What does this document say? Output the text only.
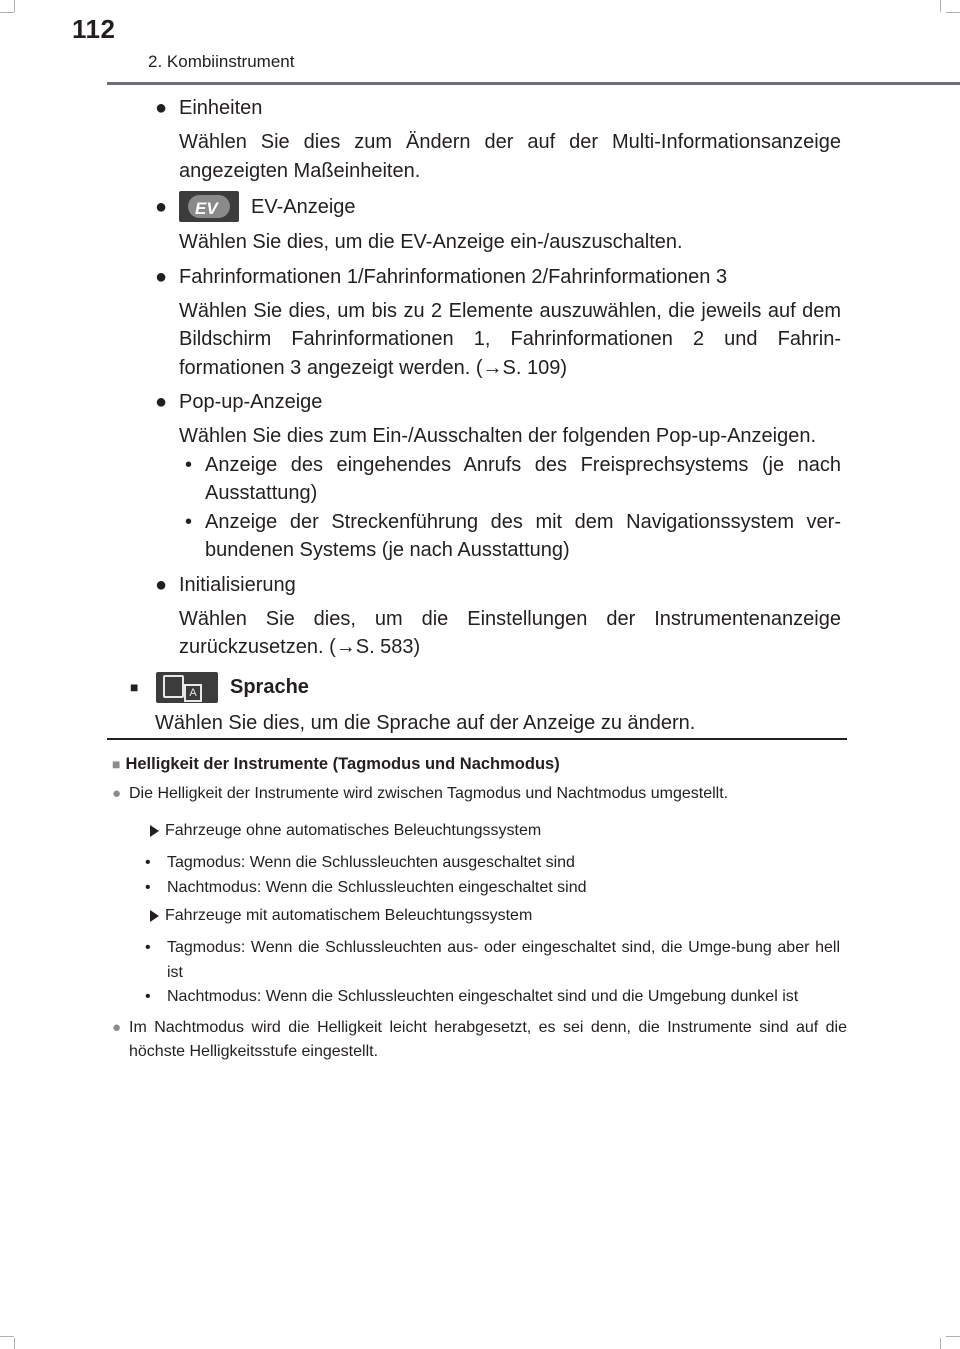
112
2. Kombiinstrument
● Einheiten
Wählen Sie dies zum Ändern der auf der Multi-Informationsanzeige angezeigten Maßeinheiten.
●	EV EV-Anzeige
Wählen Sie dies, um die EV-Anzeige ein-/auszuschalten.
● Fahrinformationen 1/Fahrinformationen 2/Fahrinformationen 3
Wählen Sie dies, um bis zu 2 Elemente auszuwählen, die jeweils auf dem Bildschirm Fahrinformationen 1, Fahrinformationen 2 und Fahrin-formationen 3 angezeigt werden. (→S. 109)
● Pop-up-Anzeige
Wählen Sie dies zum Ein-/Ausschalten der folgenden Pop-up-Anzeigen.
• Anzeige des eingehendes Anrufs des Freisprechsystems (je nach Ausstattung)
• Anzeige der Streckenführung des mit dem Navigationssystem ver-bundenen Systems (je nach Ausstattung)
● Initialisierung
Wählen Sie dies, um die Einstellungen der Instrumentenanzeige zurückzusetzen. (→S. 583)
■	A Sprache
Wählen Sie dies, um die Sprache auf der Anzeige zu ändern.
■ Helligkeit der Instrumente (Tagmodus und Nachmodus)
● Die Helligkeit der Instrumente wird zwischen Tagmodus und Nachtmodus umgestellt.
Fahrzeuge ohne automatisches Beleuchtungssystem
• Tagmodus: Wenn die Schlussleuchten ausgeschaltet sind
• Nachtmodus: Wenn die Schlussleuchten eingeschaltet sind
Fahrzeuge mit automatischem Beleuchtungssystem
• Tagmodus: Wenn die Schlussleuchten aus- oder eingeschaltet sind, die Umge-bung aber hell ist
• Nachtmodus: Wenn die Schlussleuchten eingeschaltet sind und die Umgebung dunkel ist
● Im Nachtmodus wird die Helligkeit leicht herabgesetzt, es sei denn, die Instrumente sind auf die höchste Helligkeitsstufe eingestellt.
